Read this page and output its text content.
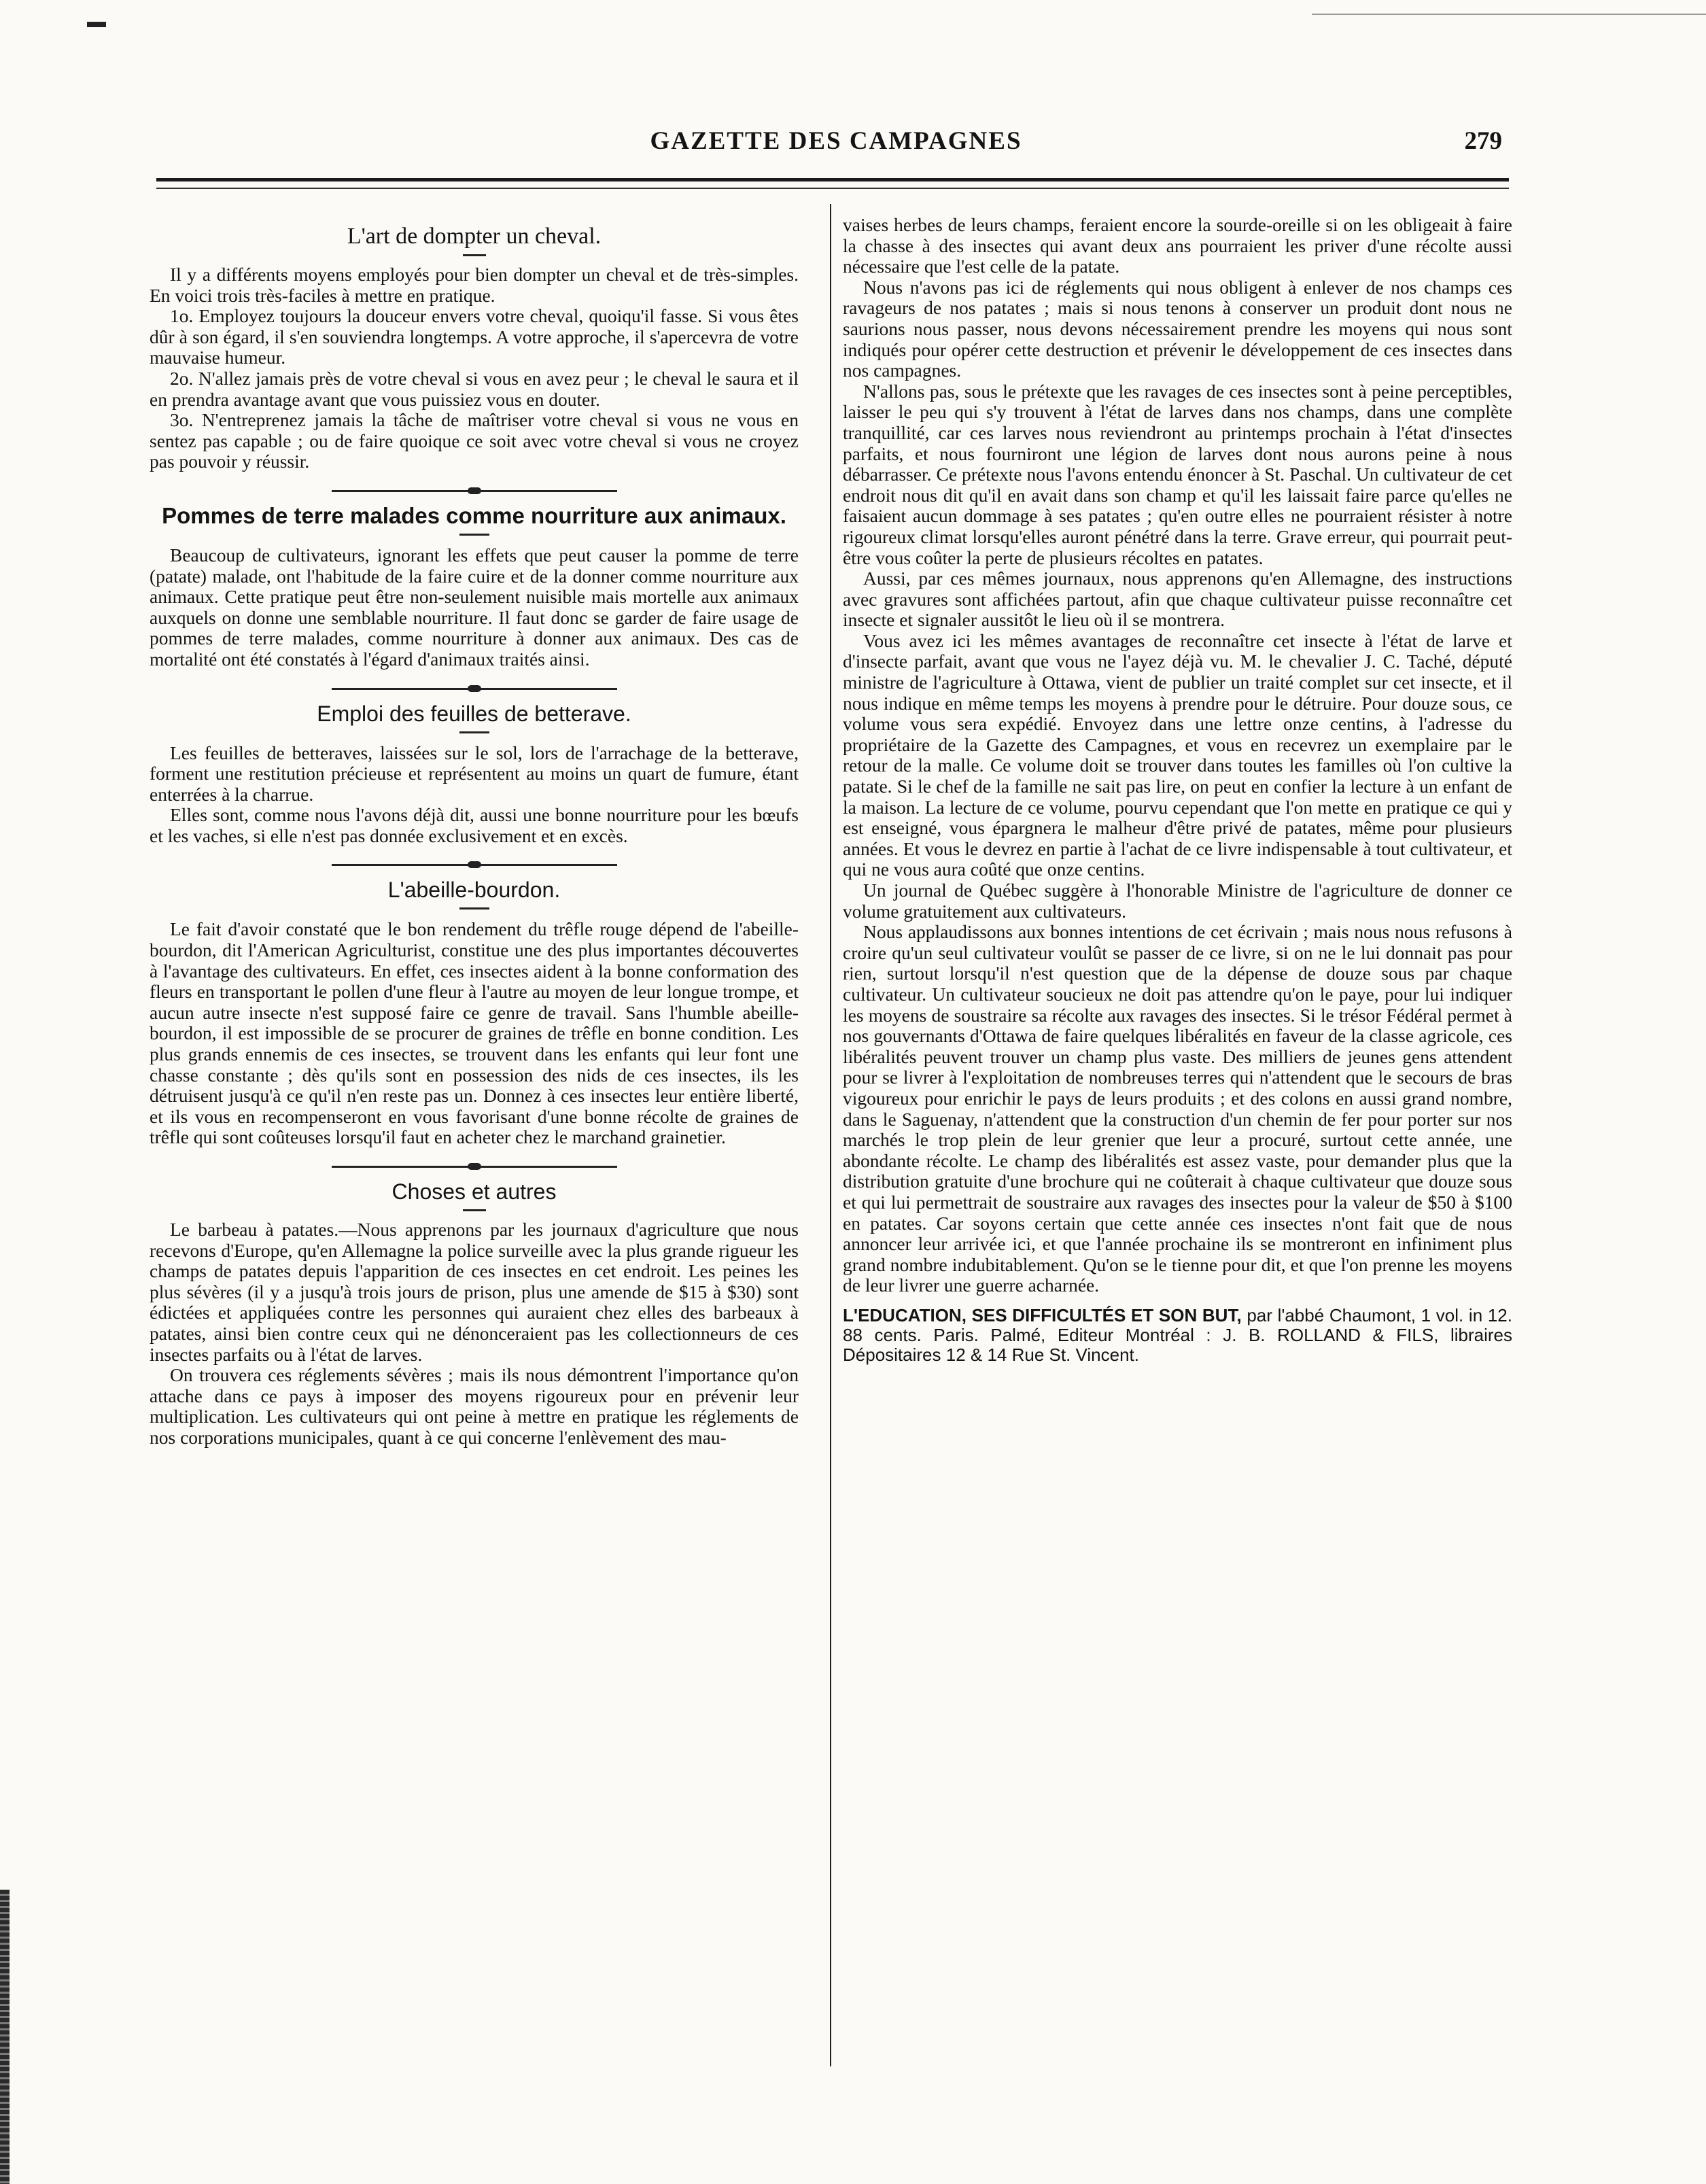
GAZETTE DES CAMPAGNES	279
L'art de dompter un cheval.

Il y a différents moyens employés pour bien dompter un cheval et de très-simples. En voici trois très-faciles à mettre en pratique.

1o. Employez toujours la douceur envers votre cheval, quoiqu'il fasse. Si vous êtes dûr à son égard, il s'en souviendra longtemps. A votre approche, il s'apercevra de votre mauvaise humeur.

2o. N'allez jamais près de votre cheval si vous en avez peur ; le cheval le saura et il en prendra avantage avant que vous puissiez vous en douter.

3o. N'entreprenez jamais la tâche de maîtriser votre cheval si vous ne vous en sentez pas capable ; ou de faire quoique ce soit avec votre cheval si vous ne croyez pas pouvoir y réussir.

Pommes de terre malades comme nourriture aux animaux.

Beaucoup de cultivateurs, ignorant les effets que peut causer la pomme de terre (patate) malade, ont l'habitude de la faire cuire et de la donner comme nourriture aux animaux. Cette pratique peut être non-seulement nuisible mais mortelle aux animaux auxquels on donne une semblable nourriture. Il faut donc se garder de faire usage de pommes de terre malades, comme nourriture à donner aux animaux. Des cas de mortalité ont été constatés à l'égard d'animaux traités ainsi.

Emploi des feuilles de betterave.

Les feuilles de betteraves, laissées sur le sol, lors de l'arrachage de la betterave, forment une restitution précieuse et représentent au moins un quart de fumure, étant enterrées à la charrue.

Elles sont, comme nous l'avons déjà dit, aussi une bonne nourriture pour les bœufs et les vaches, si elle n'est pas donnée exclusivement et en excès.

L'abeille-bourdon.

Le fait d'avoir constaté que le bon rendement du trêfle rouge dépend de l'abeille-bourdon, dit l'American Agriculturist, constitue une des plus importantes découvertes à l'avantage des cultivateurs. En effet, ces insectes aident à la bonne conformation des fleurs en transportant le pollen d'une fleur à l'autre au moyen de leur longue trompe, et aucun autre insecte n'est supposé faire ce genre de travail. Sans l'humble abeille-bourdon, il est impossible de se procurer de graines de trêfle en bonne condition. Les plus grands ennemis de ces insectes, se trouvent dans les enfants qui leur font une chasse constante ; dès qu'ils sont en possession des nids de ces insectes, ils les détruisent jusqu'à ce qu'il n'en reste pas un. Donnez à ces insectes leur entière liberté, et ils vous en recompenseront en vous favorisant d'une bonne récolte de graines de trêfle qui sont coûteuses lorsqu'il faut en acheter chez le marchand grainetier.

Choses et autres

Le barbeau à patates.—Nous apprenons par les journaux d'agriculture que nous recevons d'Europe, qu'en Allemagne la police surveille avec la plus grande rigueur les champs de patates depuis l'apparition de ces insectes en cet endroit. Les peines les plus sévères (il y a jusqu'à trois jours de prison, plus une amende de $15 à $30) sont édictées et appliquées contre les personnes qui auraient chez elles des barbeaux à patates, ainsi bien contre ceux qui ne dénonceraient pas les collectionneurs de ces insectes parfaits ou à l'état de larves.

On trouvera ces réglements sévères ; mais ils nous démontrent l'importance qu'on attache dans ce pays à imposer des moyens rigoureux pour en prévenir leur multiplication. Les cultivateurs qui ont peine à mettre en pratique les réglements de nos corporations municipales, quant à ce qui concerne l'enlèvement des mau-

vaises herbes de leurs champs, feraient encore la sourde-oreille si on les obligeait à faire la chasse à des insectes qui avant deux ans pourraient les priver d'une récolte aussi nécessaire que l'est celle de la patate.

Nous n'avons pas ici de réglements qui nous obligent à enlever de nos champs ces ravageurs de nos patates ; mais si nous tenons à conserver un produit dont nous ne saurions nous passer, nous devons nécessairement prendre les moyens qui nous sont indiqués pour opérer cette destruction et prévenir le développement de ces insectes dans nos campagnes.

N'allons pas, sous le prétexte que les ravages de ces insectes sont à peine perceptibles, laisser le peu qui s'y trouvent à l'état de larves dans nos champs, dans une complète tranquillité, car ces larves nous reviendront au printemps prochain à l'état d'insectes parfaits, et nous fourniront une légion de larves dont nous aurons peine à nous débarrasser. Ce prétexte nous l'avons entendu énoncer à St. Paschal. Un cultivateur de cet endroit nous dit qu'il en avait dans son champ et qu'il les laissait faire parce qu'elles ne faisaient aucun dommage à ses patates ; qu'en outre elles ne pourraient résister à notre rigoureux climat lorsqu'elles auront pénétré dans la terre. Grave erreur, qui pourrait peut-être vous coûter la perte de plusieurs récoltes en patates.

Aussi, par ces mêmes journaux, nous apprenons qu'en Allemagne, des instructions avec gravures sont affichées partout, afin que chaque cultivateur puisse reconnaître cet insecte et signaler aussitôt le lieu où il se montrera.

Vous avez ici les mêmes avantages de reconnaître cet insecte à l'état de larve et d'insecte parfait, avant que vous ne l'ayez déjà vu. M. le chevalier J. C. Taché, député ministre de l'agriculture à Ottawa, vient de publier un traité complet sur cet insecte, et il nous indique en même temps les moyens à prendre pour le détruire. Pour douze sous, ce volume vous sera expédié. Envoyez dans une lettre onze centins, à l'adresse du propriétaire de la Gazette des Campagnes, et vous en recevrez un exemplaire par le retour de la malle. Ce volume doit se trouver dans toutes les familles où l'on cultive la patate. Si le chef de la famille ne sait pas lire, on peut en confier la lecture à un enfant de la maison. La lecture de ce volume, pourvu cependant que l'on mette en pratique ce qui y est enseigné, vous épargnera le malheur d'être privé de patates, même pour plusieurs années. Et vous le devrez en partie à l'achat de ce livre indispensable à tout cultivateur, et qui ne vous aura coûté que onze centins.

Un journal de Québec suggère à l'honorable Ministre de l'agriculture de donner ce volume gratuitement aux cultivateurs.

Nous applaudissons aux bonnes intentions de cet écrivain ; mais nous nous refusons à croire qu'un seul cultivateur voulût se passer de ce livre, si on ne le lui donnait pas pour rien, surtout lorsqu'il n'est question que de la dépense de douze sous par chaque cultivateur. Un cultivateur soucieux ne doit pas attendre qu'on le paye, pour lui indiquer les moyens de soustraire sa récolte aux ravages des insectes. Si le trésor Fédéral permet à nos gouvernants d'Ottawa de faire quelques libéralités en faveur de la classe agricole, ces libéralités peuvent trouver un champ plus vaste. Des milliers de jeunes gens attendent pour se livrer à l'exploitation de nombreuses terres qui n'attendent que le secours de bras vigoureux pour enrichir le pays de leurs produits ; et des colons en aussi grand nombre, dans le Saguenay, n'attendent que la construction d'un chemin de fer pour porter sur nos marchés le trop plein de leur grenier que leur a procuré, surtout cette année, une abondante récolte. Le champ des libéralités est assez vaste, pour demander plus que la distribution gratuite d'une brochure qui ne coûterait à chaque cultivateur que douze sous et qui lui permettrait de soustraire aux ravages des insectes pour la valeur de $50 à $100 en patates. Car soyons certain que cette année ces insectes n'ont fait que de nous annoncer leur arrivée ici, et que l'année prochaine ils se montreront en infiniment plus grand nombre indubitablement. Qu'on se le tienne pour dit, et que l'on prenne les moyens de leur livrer une guerre acharnée.

L'EDUCATION, SES DIFFICULTÉS ET SON BUT, par l'abbé Chaumont, 1 vol. in 12. 88 cents. Paris. Palmé, Editeur Montréal : J. B. ROLLAND & FILS, libraires Dépositaires 12 & 14 Rue St. Vincent.
